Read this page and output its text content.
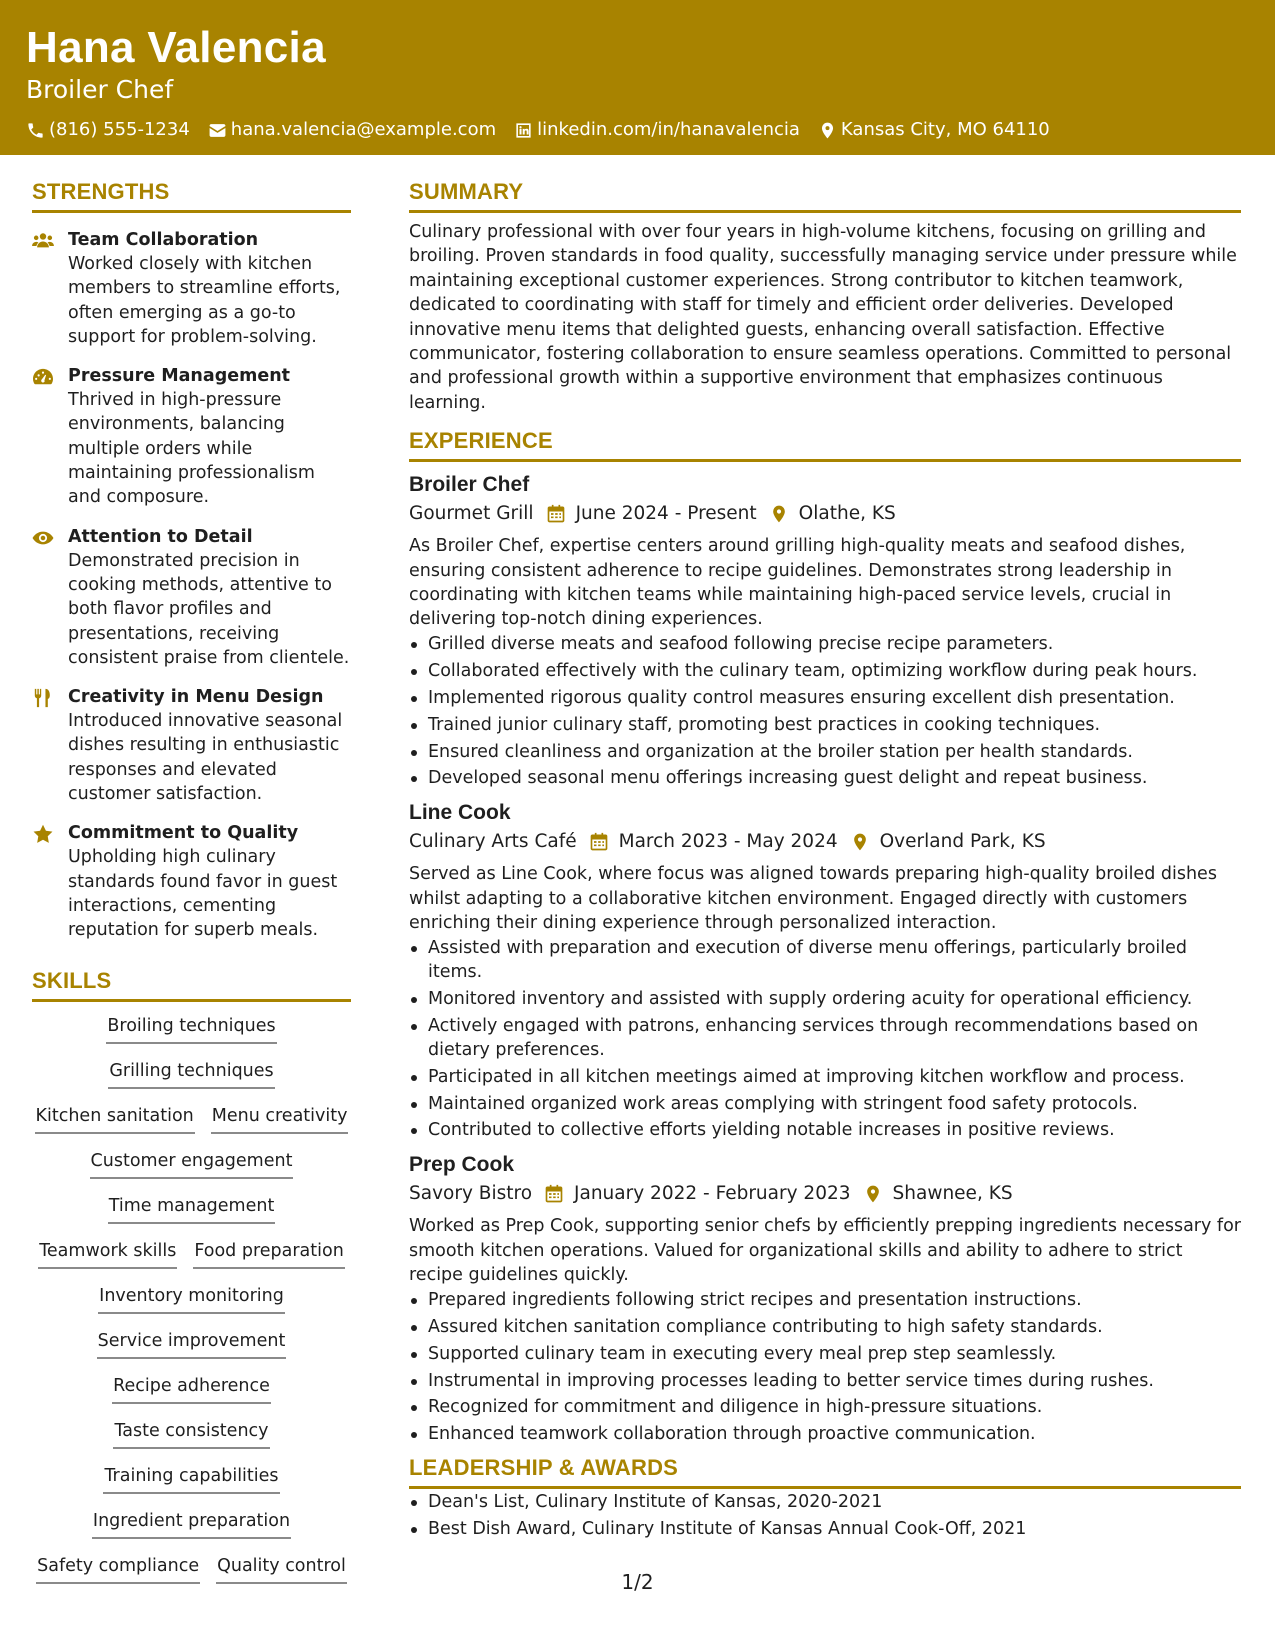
Hana Valencia
Broiler Chef
(816) 555-1234 hana.valencia@example.com linkedin.com/in/hanavalencia Kansas City, MO 64110
STRENGTHS
Team Collaboration
Worked closely with kitchen members to streamline efforts, often emerging as a go-to support for problem-solving.
Pressure Management
Thrived in high-pressure environments, balancing multiple orders while maintaining professionalism and composure.
Attention to Detail
Demonstrated precision in cooking methods, attentive to both flavor profiles and presentations, receiving consistent praise from clientele.
Creativity in Menu Design
Introduced innovative seasonal dishes resulting in enthusiastic responses and elevated customer satisfaction.
Commitment to Quality
Upholding high culinary standards found favor in guest interactions, cementing reputation for superb meals.
SKILLS
Broiling techniques
Grilling techniques
Kitchen sanitation Menu creativity
Customer engagement
Time management
Teamwork skills Food preparation
Inventory monitoring
Service improvement
Recipe adherence
Taste consistency
Training capabilities
Ingredient preparation
Safety compliance Quality control
SUMMARY
Culinary professional with over four years in high-volume kitchens, focusing on grilling and broiling. Proven standards in food quality, successfully managing service under pressure while maintaining exceptional customer experiences. Strong contributor to kitchen teamwork, dedicated to coordinating with staff for timely and efficient order deliveries. Developed innovative menu items that delighted guests, enhancing overall satisfaction. Effective communicator, fostering collaboration to ensure seamless operations. Committed to personal and professional growth within a supportive environment that emphasizes continuous learning.
EXPERIENCE
Broiler Chef
Gourmet Grill June 2024 - Present Olathe, KS
As Broiler Chef, expertise centers around grilling high-quality meats and seafood dishes, ensuring consistent adherence to recipe guidelines. Demonstrates strong leadership in coordinating with kitchen teams while maintaining high-paced service levels, crucial in delivering top-notch dining experiences.
Grilled diverse meats and seafood following precise recipe parameters.
Collaborated effectively with the culinary team, optimizing workflow during peak hours.
Implemented rigorous quality control measures ensuring excellent dish presentation.
Trained junior culinary staff, promoting best practices in cooking techniques.
Ensured cleanliness and organization at the broiler station per health standards.
Developed seasonal menu offerings increasing guest delight and repeat business.
Line Cook
Culinary Arts Café March 2023 - May 2024 Overland Park, KS
Served as Line Cook, where focus was aligned towards preparing high-quality broiled dishes whilst adapting to a collaborative kitchen environment. Engaged directly with customers enriching their dining experience through personalized interaction.
Assisted with preparation and execution of diverse menu offerings, particularly broiled items.
Monitored inventory and assisted with supply ordering acuity for operational efficiency.
Actively engaged with patrons, enhancing services through recommendations based on dietary preferences.
Participated in all kitchen meetings aimed at improving kitchen workflow and process.
Maintained organized work areas complying with stringent food safety protocols.
Contributed to collective efforts yielding notable increases in positive reviews.
Prep Cook
Savory Bistro January 2022 - February 2023 Shawnee, KS
Worked as Prep Cook, supporting senior chefs by efficiently prepping ingredients necessary for smooth kitchen operations. Valued for organizational skills and ability to adhere to strict recipe guidelines quickly.
Prepared ingredients following strict recipes and presentation instructions.
Assured kitchen sanitation compliance contributing to high safety standards.
Supported culinary team in executing every meal prep step seamlessly.
Instrumental in improving processes leading to better service times during rushes.
Recognized for commitment and diligence in high-pressure situations.
Enhanced teamwork collaboration through proactive communication.
LEADERSHIP & AWARDS
Dean's List, Culinary Institute of Kansas, 2020-2021
Best Dish Award, Culinary Institute of Kansas Annual Cook-Off, 2021
1/2
